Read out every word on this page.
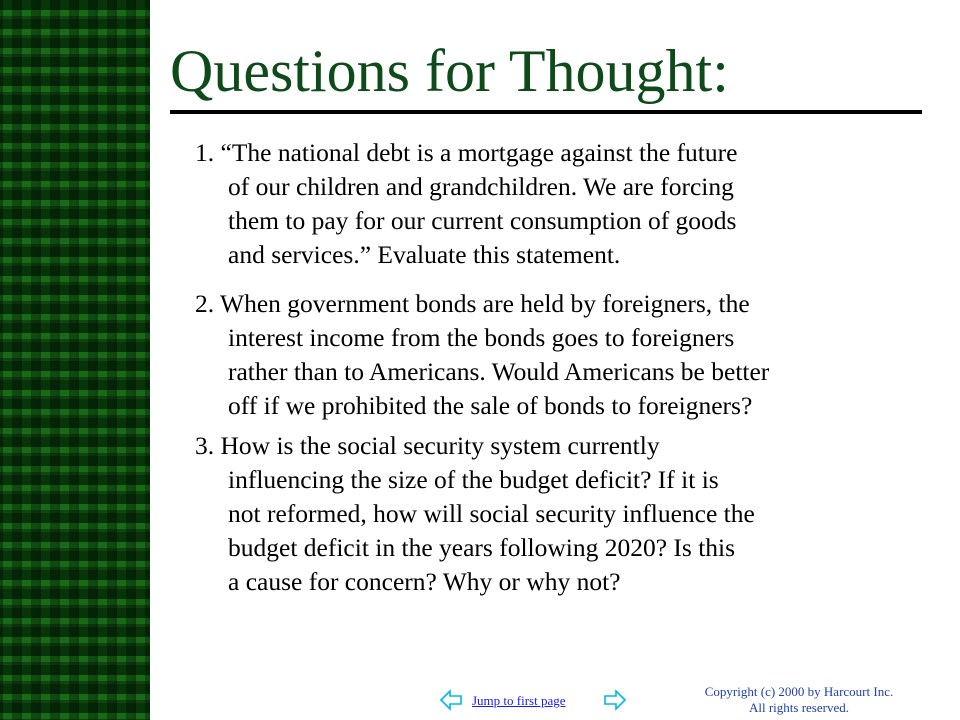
Questions for Thought:
1. “The national debt is a mortgage against the future
of our children and grandchildren. We are forcing
them to pay for our current consumption of goods
and services.” Evaluate this statement.
2. When government bonds are held by foreigners, the
interest income from the bonds goes to foreigners
rather than to Americans. Would Americans be better
off if we prohibited the sale of bonds to foreigners?
3. How is the social security system currently
influencing the size of the budget deficit? If it is
not reformed, how will social security influence the
budget deficit in the years following 2020? Is this
a cause for concern? Why or why not?
Jump to first page
Copyright (c) 2000 by Harcourt Inc.
All rights reserved.
